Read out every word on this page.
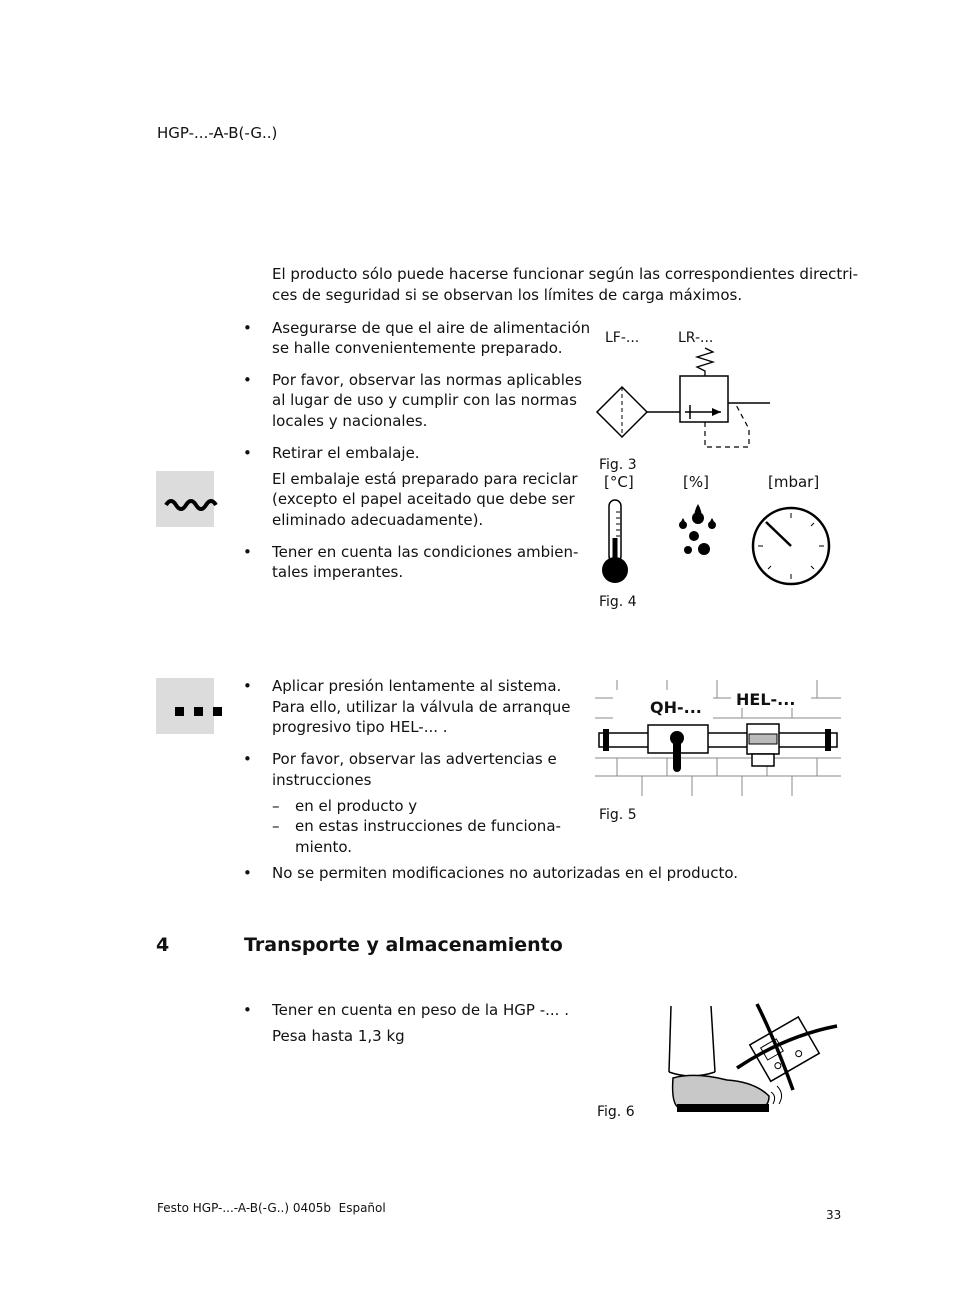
HGP-...-A-B(-G..)
El producto sólo puede hacerse funcionar según las correspondientes directri-
ces de seguridad si se observan los límites de carga máximos.
• Asegurarse de que el aire de alimentación
se halle convenientemente preparado.
• Por favor, observar las normas aplicables
al lugar de uso y cumplir con las normas
locales y nacionales.
• Retirar el embalaje.
El embalaje está preparado para reciclar
(excepto el papel aceitado que debe ser
eliminado adecuadamente).
• Tener en cuenta las condiciones ambien-
tales imperantes.
LF-...	LR-...
Fig. 3
[°C]	[%]	[mbar]
Fig. 4
• Aplicar presión lentamente al sistema.
Para ello, utilizar la válvula de arranque
progresivo tipo HEL-... .
• Por favor, observar las advertencias e
instrucciones
– en el producto y
– en estas instrucciones de funciona-
miento.
• No se permiten modificaciones no autorizadas en el producto.
QH-... HEL-...
Fig. 5
4	Transporte y almacenamiento
• Tener en cuenta en peso de la HGP -... .
Pesa hasta 1,3 kg
Fig. 6
Festo HGP-...-A-B(-G..) 0405b  Español	33
